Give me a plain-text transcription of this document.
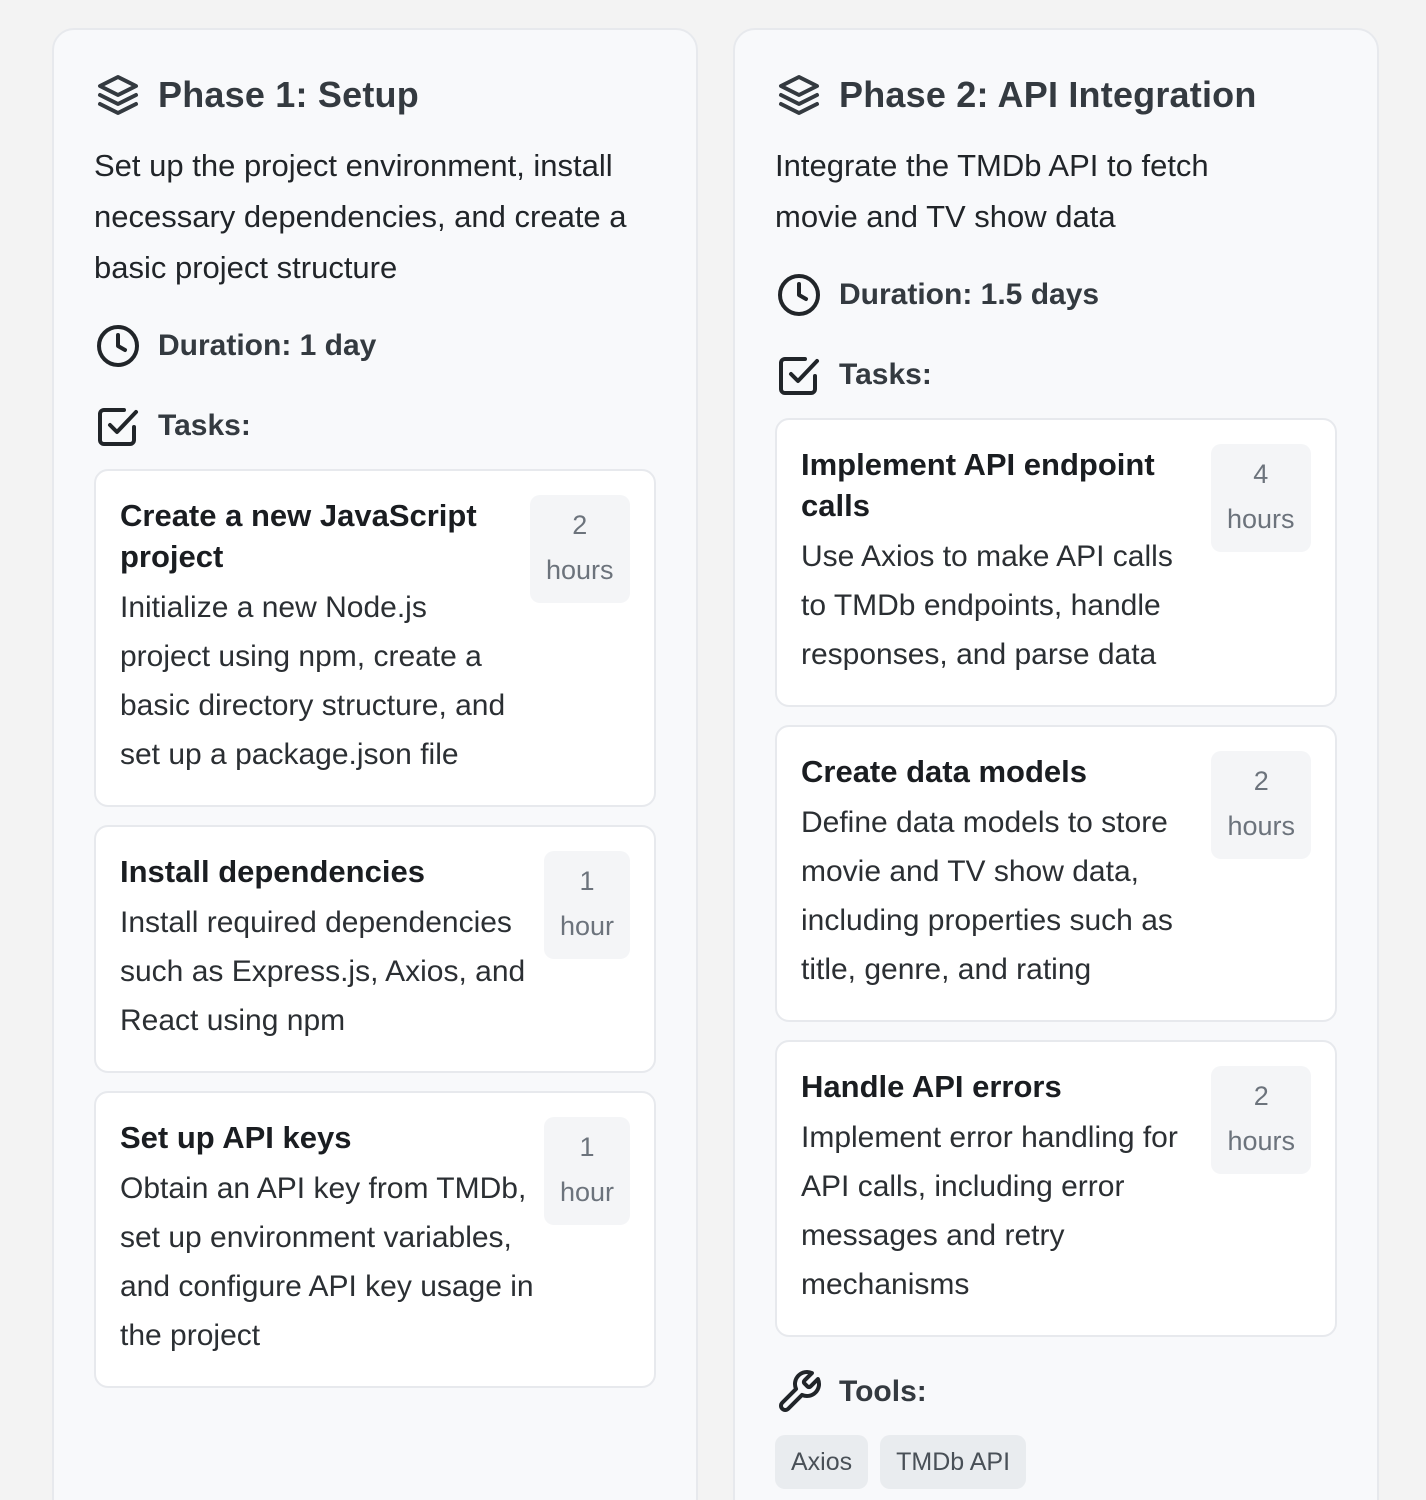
Phase 1: Setup

Set up the project environment, install necessary dependencies, and create a basic project structure

Duration: 1 day
Tasks:
Create a new JavaScript project
Initialize a new Node.js project using npm, create a basic directory structure, and set up a package.json file
2
hours
Install dependencies
Install required dependencies such as Express.js, Axios, and React using npm
1
hour
Set up API keys
Obtain an API key from TMDb, set up environment variables, and configure API key usage in the project
1
hour
Phase 2: API Integration

Integrate the TMDb API to fetch movie and TV show data

Duration: 1.5 days
Tasks:
Implement API endpoint calls
Use Axios to make API calls to TMDb endpoints, handle responses, and parse data
4
hours
Create data models
Define data models to store movie and TV show data, including properties such as title, genre, and rating
2
hours
Handle API errors
Implement error handling for API calls, including error messages and retry mechanisms
2
hours
Tools:
Axios	TMDb API
